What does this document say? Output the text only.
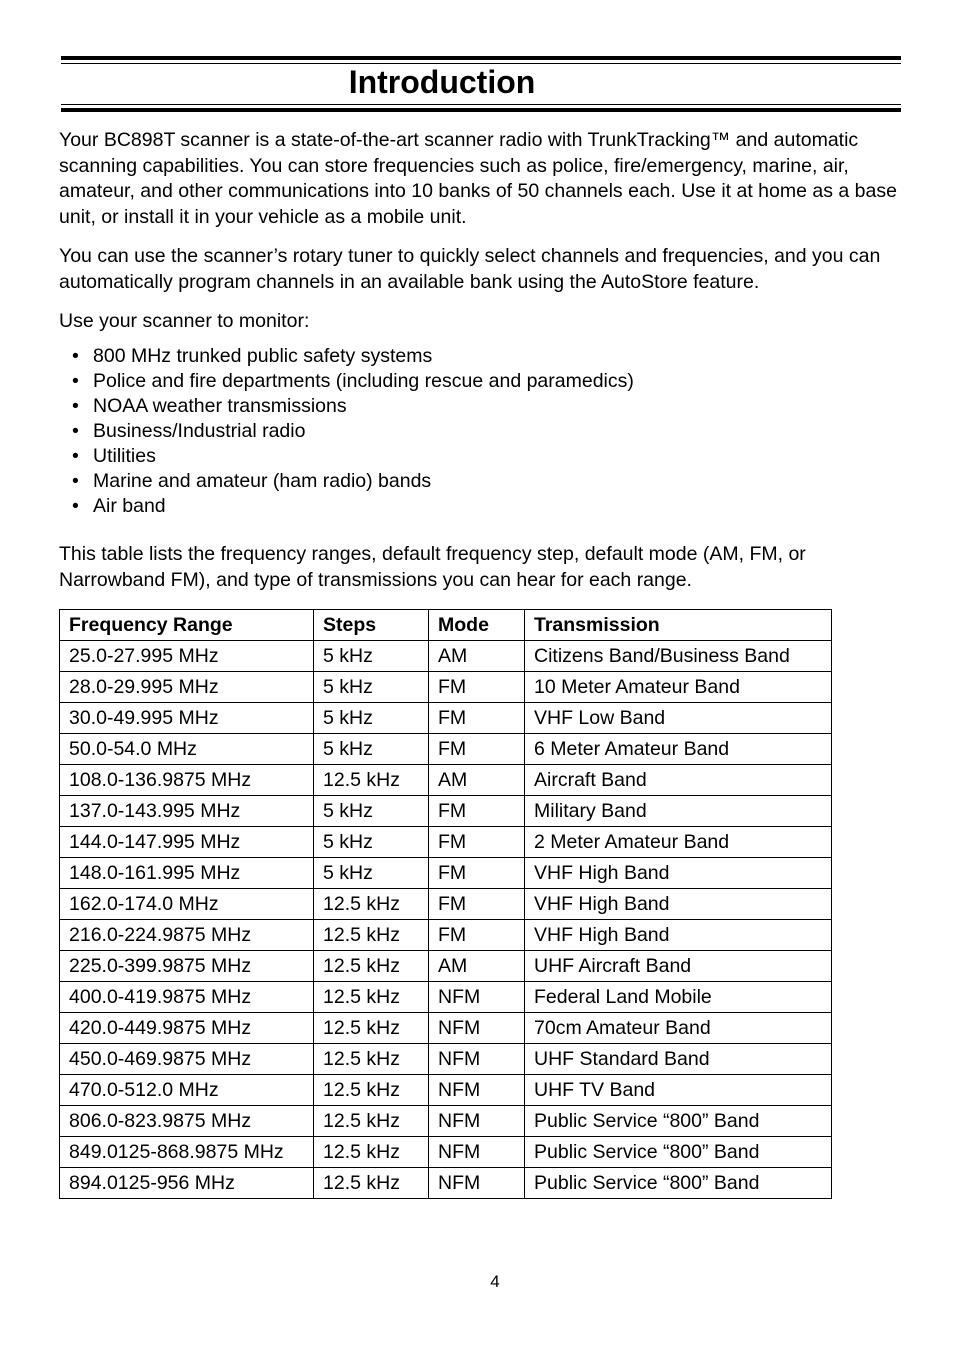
Introduction

Your BC898T scanner is a state-of-the-art scanner radio with TrunkTracking™ and automatic scanning capabilities. You can store frequencies such as police, fire/emergency, marine, air, amateur, and other communications into 10 banks of 50 channels each. Use it at home as a base unit, or install it in your vehicle as a mobile unit.

You can use the scanner’s rotary tuner to quickly select channels and frequencies, and you can automatically program channels in an available bank using the AutoStore feature.

Use your scanner to monitor:

• 800 MHz trunked public safety systems
• Police and fire departments (including rescue and paramedics)
• NOAA weather transmissions
• Business/Industrial radio
• Utilities
• Marine and amateur (ham radio) bands
• Air band

This table lists the frequency ranges, default frequency step, default mode (AM, FM, or Narrowband FM), and type of transmissions you can hear for each range.

Frequency Range	Steps	Mode	Transmission
25.0-27.995 MHz	5 kHz	AM	Citizens Band/Business Band
28.0-29.995 MHz	5 kHz	FM	10 Meter Amateur Band
30.0-49.995 MHz	5 kHz	FM	VHF Low Band
50.0-54.0 MHz	5 kHz	FM	6 Meter Amateur Band
108.0-136.9875 MHz	12.5 kHz	AM	Aircraft Band
137.0-143.995 MHz	5 kHz	FM	Military Band
144.0-147.995 MHz	5 kHz	FM	2 Meter Amateur Band
148.0-161.995 MHz	5 kHz	FM	VHF High Band
162.0-174.0 MHz	12.5 kHz	FM	VHF High Band
216.0-224.9875 MHz	12.5 kHz	FM	VHF High Band
225.0-399.9875 MHz	12.5 kHz	AM	UHF Aircraft Band
400.0-419.9875 MHz	12.5 kHz	NFM	Federal Land Mobile
420.0-449.9875 MHz	12.5 kHz	NFM	70cm Amateur Band
450.0-469.9875 MHz	12.5 kHz	NFM	UHF Standard Band
470.0-512.0 MHz	12.5 kHz	NFM	UHF TV Band
806.0-823.9875 MHz	12.5 kHz	NFM	Public Service “800” Band
849.0125-868.9875 MHz	12.5 kHz	NFM	Public Service “800” Band
894.0125-956 MHz	12.5 kHz	NFM	Public Service “800” Band
4
